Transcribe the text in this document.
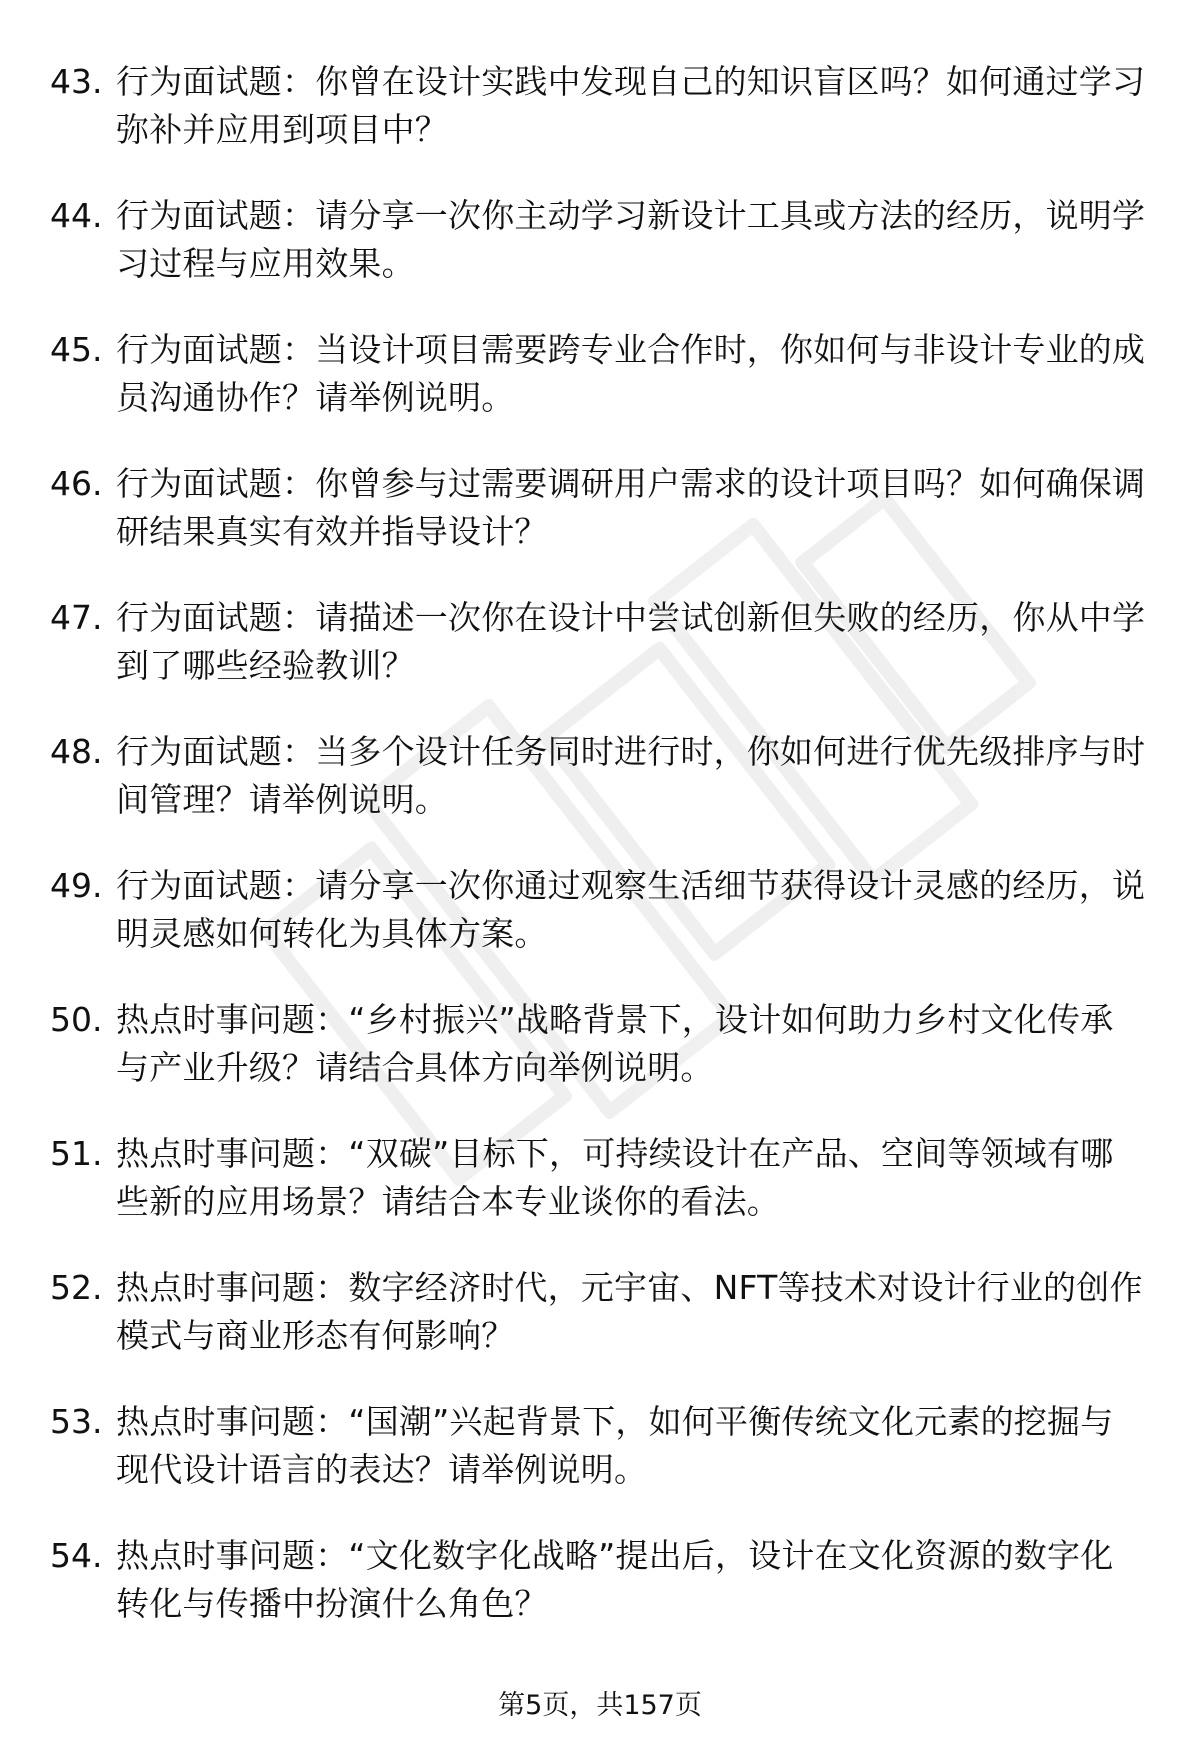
43. 行为面试题：你曾在设计实践中发现自己的知识盲区吗？如何通过学习弥补并应用到项目中？
44. 行为面试题：请分享一次你主动学习新设计工具或方法的经历，说明学习过程与应用效果。
45. 行为面试题：当设计项目需要跨专业合作时，你如何与非设计专业的成员沟通协作？请举例说明。
46. 行为面试题：你曾参与过需要调研用户需求的设计项目吗？如何确保调研结果真实有效并指导设计？
47. 行为面试题：请描述一次你在设计中尝试创新但失败的经历，你从中学到了哪些经验教训？
48. 行为面试题：当多个设计任务同时进行时，你如何进行优先级排序与时间管理？请举例说明。
49. 行为面试题：请分享一次你通过观察生活细节获得设计灵感的经历，说明灵感如何转化为具体方案。
50. 热点时事问题：“乡村振兴”战略背景下，设计如何助力乡村文化传承与产业升级？请结合具体方向举例说明。
51. 热点时事问题：“双碳”目标下，可持续设计在产品、空间等领域有哪些新的应用场景？请结合本专业谈你的看法。
52. 热点时事问题：数字经济时代，元宇宙、NFT等技术对设计行业的创作模式与商业形态有何影响？
53. 热点时事问题：“国潮”兴起背景下，如何平衡传统文化元素的挖掘与现代设计语言的表达？请举例说明。
54. 热点时事问题：“文化数字化战略”提出后，设计在文化资源的数字化转化与传播中扮演什么角色？
第5页，共157页
